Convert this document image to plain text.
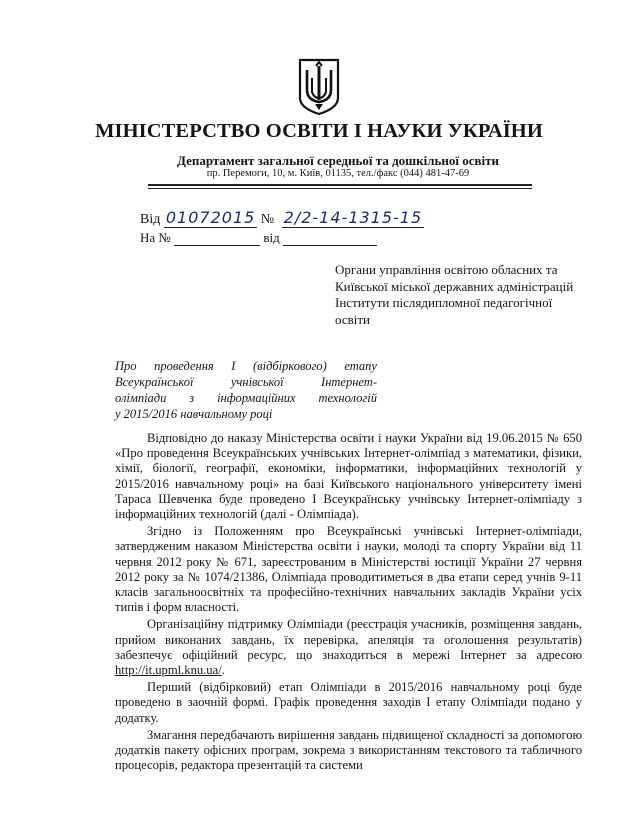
МІНІСТЕРСТВО ОСВІТИ І НАУКИ УКРАЇНИ
Департамент загальної середньої та дошкільної освіти
пр. Перемоги, 10, м. Київ, 01135, тел./факс (044) 481-47-69
Від 01072015 № 2/2-14-1315-15
На №	від
Органи управління освітою обласних та Київської міської державних адміністрацій Інститути післядипломної педагогічної освіти
Про проведення І (відбіркового) етапу
Всеукраїнської учнівської Інтернет-
олімпіади з інформаційних технологій
у 2015/2016 навчальному році

Відповідно до наказу Міністерства освіти і науки України від 19.06.2015 № 650 «Про проведення Всеукраїнських учнівських Інтернет-олімпіад з математики, фізики, хімії, біології, географії, економіки, інформатики, інформаційних технологій у 2015/2016 навчальному році» на базі Київського національного університету імені Тараса Шевченка буде проведено І Всеукраїнську учнівську Інтернет-олімпіаду з інформаційних технологій (далі - Олімпіада).

Згідно із Положенням про Всеукраїнські учнівські Інтернет-олімпіади, затвердженим наказом Міністерства освіти і науки, молоді та спорту України від 11 червня 2012 року № 671, зареєстрованим в Міністерстві юстиції України 27 червня 2012 року за № 1074/21386, Олімпіада проводитиметься в два етапи серед учнів 9-11 класів загальноосвітніх та професійно-технічних навчальних закладів України усіх типів і форм власності.

Організаційну підтримку Олімпіади (реєстрація учасників, розміщення завдань, прийом виконаних завдань, їх перевірка, апеляція та оголошення результатів) забезпечує офіційний ресурс, що знаходиться в мережі Інтернет за адресою http://it.upml.knu.ua/.

Перший (відбірковий) етап Олімпіади в 2015/2016 навчальному році буде проведено в заочній формі. Графік проведення заходів І етапу Олімпіади подано у додатку.

Змагання передбачають вирішення завдань підвищеної складності за допомогою додатків пакету офісних програм, зокрема з використанням текстового та табличного процесорів, редактора презентацій та системи
